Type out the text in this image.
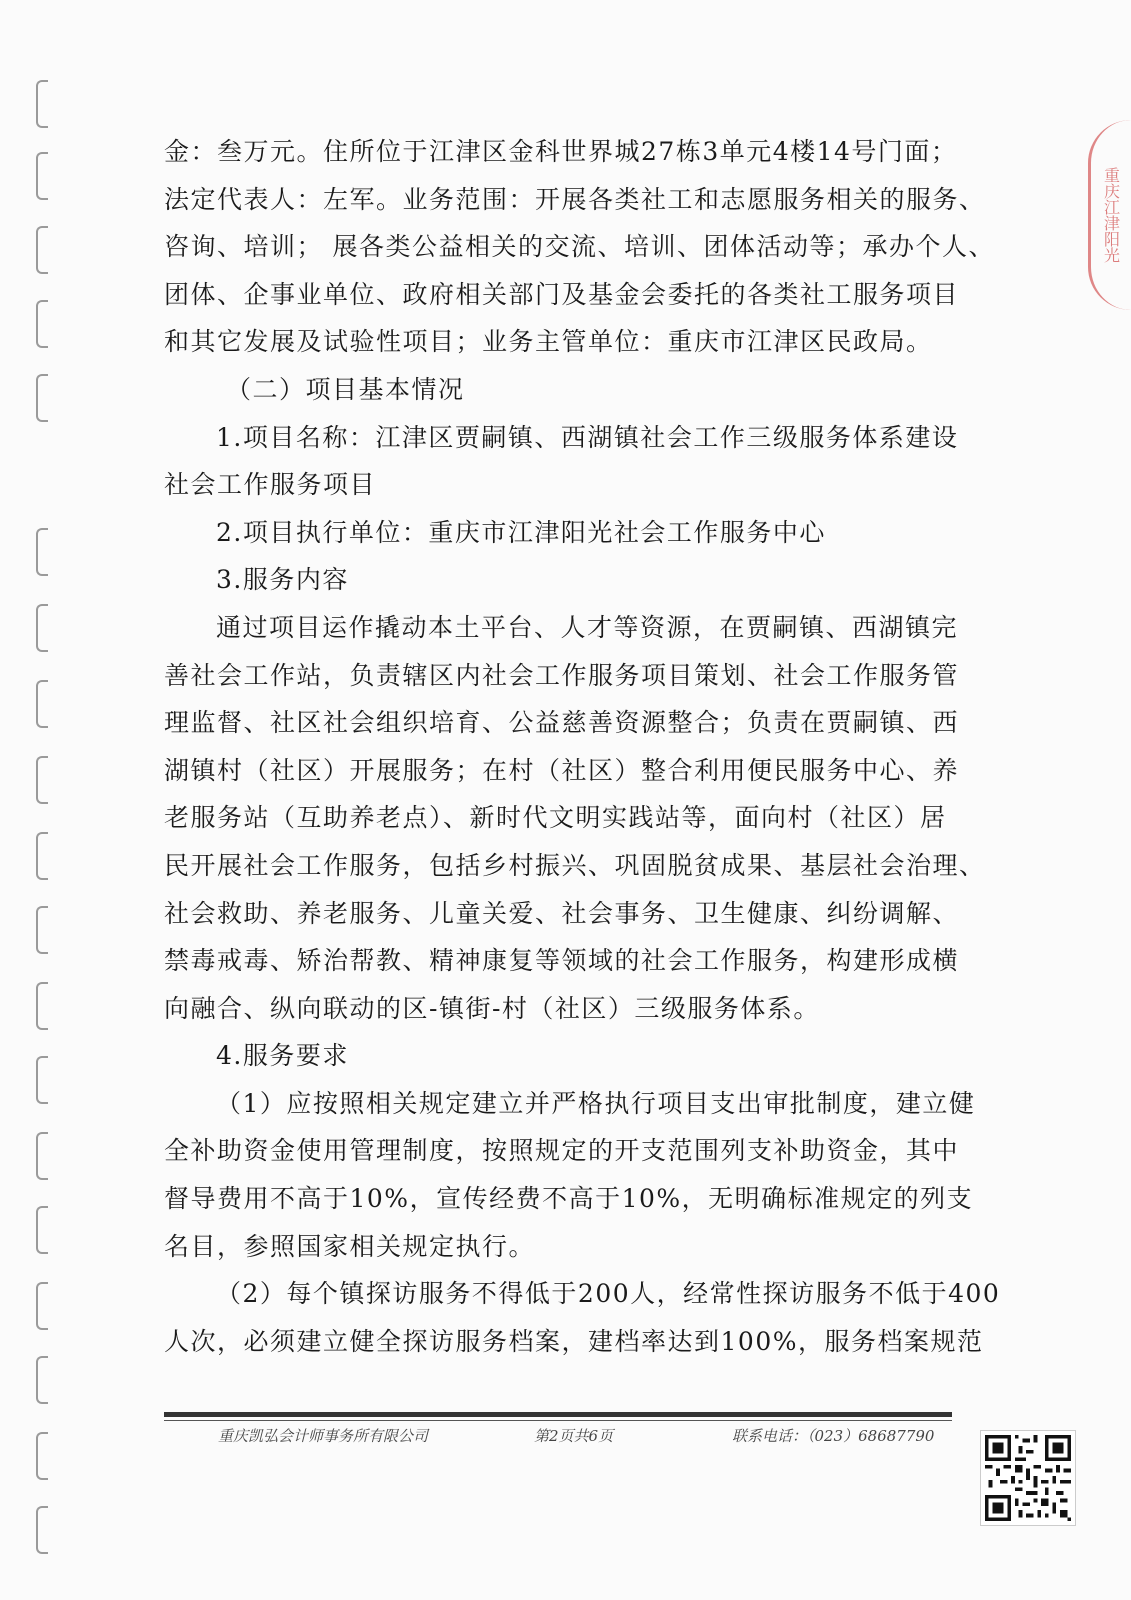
重庆江津阳光

金：叁万元。住所位于江津区金科世界城27栋3单元4楼14号门面；

法定代表人：左军。业务范围：开展各类社工和志愿服务相关的服务、

咨询、培训； 展各类公益相关的交流、培训、团体活动等；承办个人、

团体、企事业单位、政府相关部门及基金会委托的各类社工服务项目

和其它发展及试验性项目；业务主管单位：重庆市江津区民政局。

（二）项目基本情况

1.项目名称：江津区贾嗣镇、西湖镇社会工作三级服务体系建设

社会工作服务项目

2.项目执行单位：重庆市江津阳光社会工作服务中心

3.服务内容

通过项目运作撬动本土平台、人才等资源，在贾嗣镇、西湖镇完

善社会工作站，负责辖区内社会工作服务项目策划、社会工作服务管

理监督、社区社会组织培育、公益慈善资源整合；负责在贾嗣镇、西

湖镇村（社区）开展服务；在村（社区）整合利用便民服务中心、养

老服务站（互助养老点）、新时代文明实践站等，面向村（社区）居

民开展社会工作服务，包括乡村振兴、巩固脱贫成果、基层社会治理、

社会救助、养老服务、儿童关爱、社会事务、卫生健康、纠纷调解、

禁毒戒毒、矫治帮教、精神康复等领域的社会工作服务，构建形成横

向融合、纵向联动的区-镇街-村（社区）三级服务体系。

4.服务要求

（1）应按照相关规定建立并严格执行项目支出审批制度，建立健

全补助资金使用管理制度，按照规定的开支范围列支补助资金，其中

督导费用不高于10%，宣传经费不高于10%，无明确标准规定的列支

名目，参照国家相关规定执行。

（2）每个镇探访服务不得低于200人，经常性探访服务不低于400

人次，必须建立健全探访服务档案，建档率达到100%，服务档案规范

重庆凯弘会计师事务所有限公司	第2页共6页	联系电话：（023）68687790
